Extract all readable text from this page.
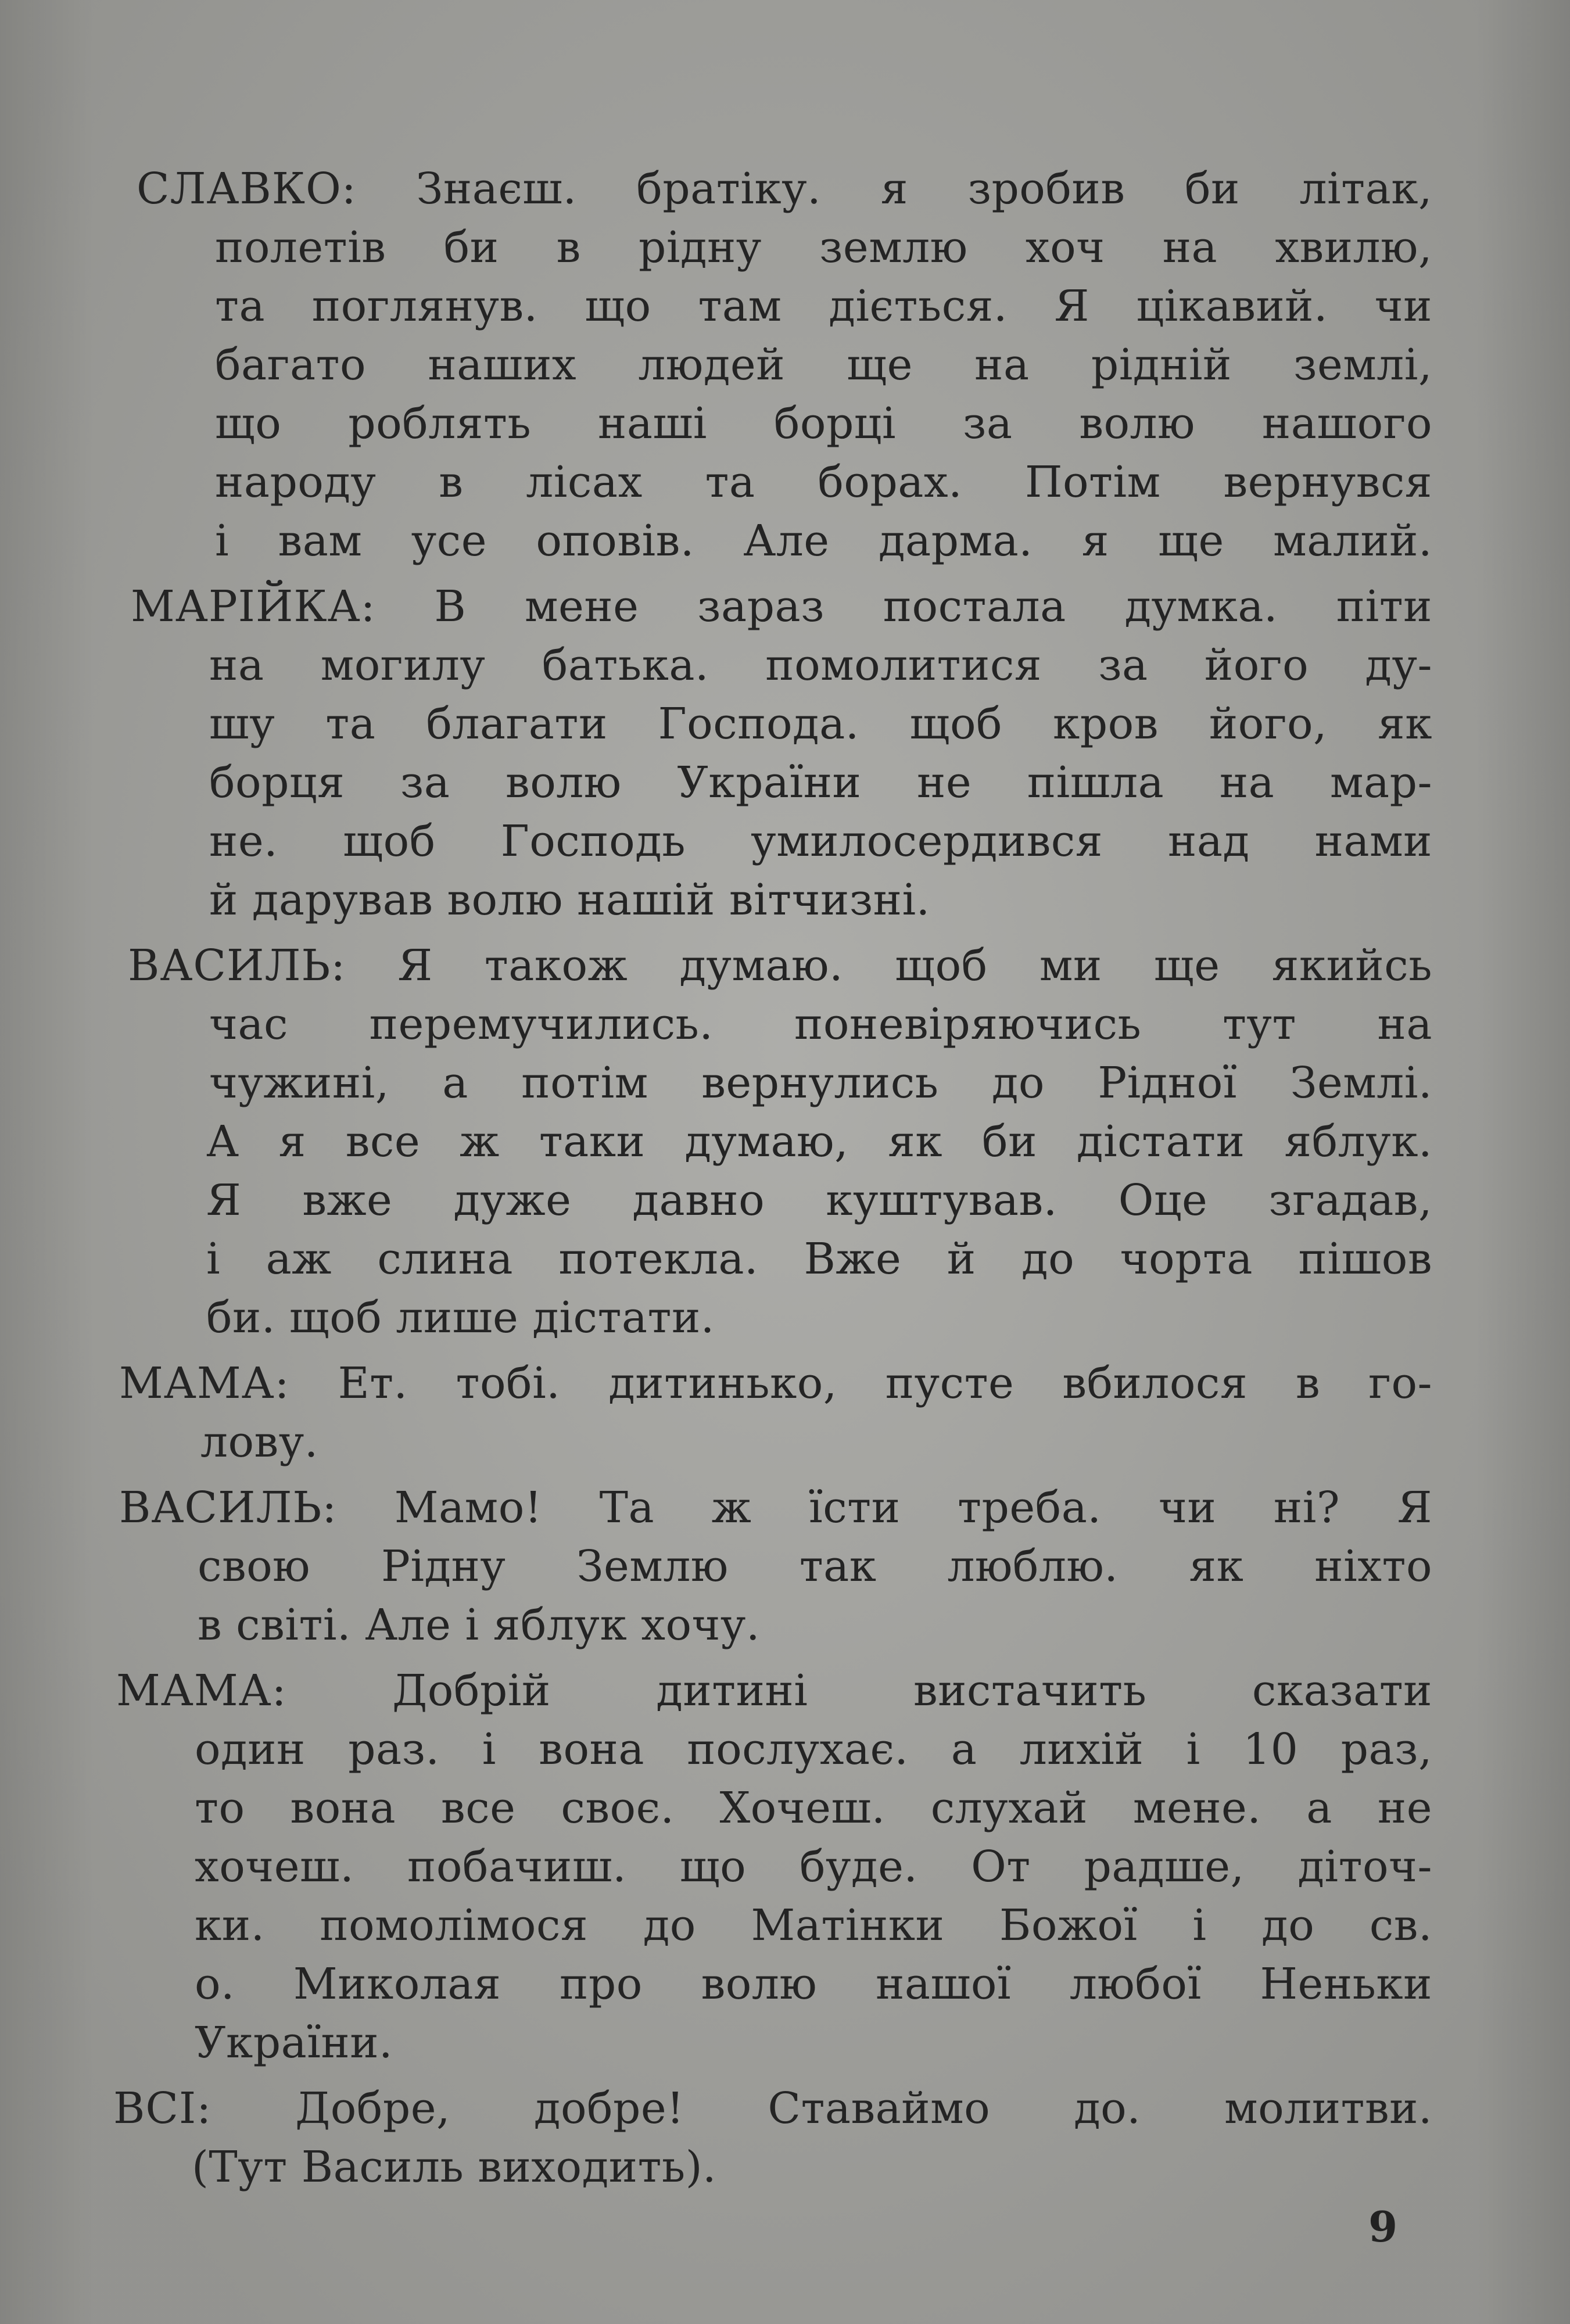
СЛАВКО: Знаєш. братіку. я зробив би літак,
полетів би в рідну землю хоч на хвилю,
та поглянув. що там діється. Я цікавий. чи
багато наших людей ще на рідній землі,
що роблять наші борці за волю нашого
народу в лісах та борах. Потім вернувся
і вам усе оповів. Але дарма. я ще малий.
МАРІЙКА: В мене зараз постала думка. піти
на могилу батька. помолитися за його ду-
шу та благати Господа. щоб кров його, як
борця за волю України не пішла на мар-
не. щоб Господь умилосердився над нами
й дарував волю нашій вітчизні.
ВАСИЛЬ: Я також думаю. щоб ми ще якийсь
час перемучились. поневіряючись тут на
чужині, а потім вернулись до Рідної Землі.
А я все ж таки думаю, як би дістати яблук.
Я вже дуже давно куштував. Оце згадав,
і аж слина потекла. Вже й до чорта пішов
би. щоб лише дістати.
МАМА: Ет. тобі. дитинько, пусте вбилося в го-
лову.
ВАСИЛЬ: Мамо! Та ж їсти треба. чи ні? Я
свою Рідну Землю так люблю. як ніхто
в світі. Але і яблук хочу.
МАМА: Добрій дитині вистачить сказати
один раз. і вона послухає. а лихій і 10 раз,
то вона все своє. Хочеш. слухай мене. а не
хочеш. побачиш. що буде. От радше, діточ-
ки. помолімося до Матінки Божої і до св.
о. Миколая про волю нашої любої Неньки
України.
ВСІ: Добре, добре! Ставаймо до. молитви.
(Тут Василь виходить).
9
